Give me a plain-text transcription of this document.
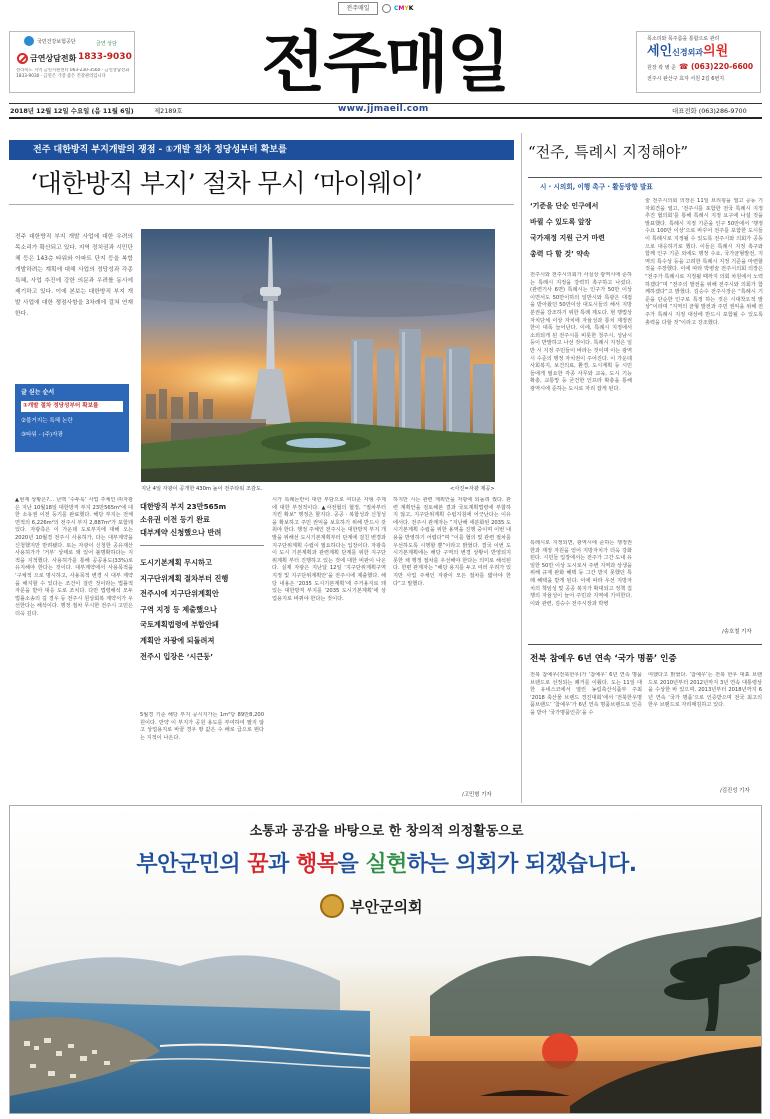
전주매일	CMYK
국민건강보험공단
금연상담전화 1833-9030
금연 상담
전라북도 지역 금연지원센터 063-230-3560 · 금연상담전화 1833-9030 · 금연은 가장 좋은 건강관리입니다	전주매일	목소리와 목주름을 통합으로 관리
세인신경외과의원
원장 곽 병 준 ☎ (063)220-6600
전주시 완산구 효자 서원 2길 6번지
2018년 12월 12일 수요일 (음 11월 6일)	제2189호	www.jjmaeil.com	대표전화 (063)286-9700
전주 대한방직 부지개발의 쟁점 - ①개발 절차 정당성부터 확보를
‘대한방직 부지’ 절차 무시 ‘마이웨이’
전주 대한방직 부지 개발 사업에 대한 우려의 목소리가 확산되고 있다. 지역 정치권과 시민단체 등은 143층 타워와 아파트 단지 등을 복합 개발하려는 계획에 대해 사업의 정당성과 각종 특혜, 사업 추진에 강한 의문과 우려를 동시에 제기하고 있다. 이에 본보는 대한방직 부지 개발 사업에 대한 쟁점사항을 3차례에 걸쳐 연재한다.
글 싣는 순서
①개발 절차 정당성부터 확보를
②불거지는 특혜 논란
③타워 - (주)자광
지난 4일 자광이 공개한 430m 높이 전주타워 조감도.	<사진=자광 제공>
▲현재 상황은?… 난맥 ‘수두룩’ 사업 주체인 ㈜자광은 지난 10월18일 대한방직 부지 23만565m²에 대한 소유권 이전 등기를 완료했다. 해당 부지는 전체 면적의 6,226m²의 전주시 부지 2,887m²가 포함돼 있다. 자광측은 이 가운데 도로부지에 대해 오는 2020년 10월경 전주시 사용허가, 다는 대부계약을 신청했지만 반려됐다. 또는 자광이 신청한 공유재산 사용허가가 ‘거부’ 상태로 돼 있어 불명확하다는 지적을 지적했다. 사용허가를 통해 공공용도(33%)로 유지해야 한다는 것이다. 대부계약에서 사용목적을 ‘구체적 으로 명시하고, 사용목적 변경 시 대부 계약을 해지할 수 있다는 조건이 걸린 것이라는 법률적 자문을 받아 대응 도로 조치다. 다만 법령해석 모두 법률소송의 길 경우 등 전주시 원상회복 계약서가 우선한다는 해석이다. 행정 절차 무시한 전주시 고민은 더욱 깊다.
대한방직 부지 23만565m
소유권 이전 등기 완료
대부계약 신청했으나 반려
도시기본계획 무시하고
지구단위계획 절차부터 진행
전주시에 지구단위계획안
구역 지정 등 제출했으나
국토계획법령에 부합안돼
계획안 자광에 되돌려져
전주시 입장은 ‘시큰둥’
5월경 기준 해당 부지 공시지가는 1m²당 89만8,200원이다. 만약 이 부지가 공원 용도를 부여하여 팔지 않고 상업용지로 바꿀 경우 땅 값은 수 배로 급으로 뛴다는 지적이 나온다.
시가 특례논란이 대한 부담으로 여다운 자형 주제에 대한 부정적이다. ▲사전협의 협정, “절차부터 지킨 확보” 행정은 할지다. 공공 · 복합성과 신청성을 확보하고 주민 권익을 보호하기 위해 반드시 갖춰야 한다. 행정 주체인 전주시는 대한방직 부지 개발을 위해선 도시기본계획부터 단계에 걸친 변경과 지구단위계획 수립이 필요하다는 입장이다. 자광측이 도시 기본계획과 관련계획 단계를 위한 지구단위계획 부터 진행하고 있는 것에 대한 비판이 나온다. 실제 자광은 지난달 12일 ‘지구단위계획구역 지정 및 지구단위계획안’을 전주시에 제출했다. 해당 내용은 ‘2035 도시기본계획’에 주거용지로 돼 있는 대한방직 부지를 ‘2035 도시기본계획’에 상업용지로 바꿔야 한다는 것이다.
하지만 시는 관련 계획안을 자광에 되돌려 줬다. 관련 계획안을 검토해본 결과 국토계획법령에 부합하지 않고, 지구단위계획 수립지침에 어긋난다는 이유에서다. 전주시 관계자는 “지난해 세분화된 2035 도시기본계획 수립을 위한 용역을 진행 중이며 이번 내용을 반영하기 어렵다”며 “이를 협의 및 관련 절차를 우선하도록 시행할 뿐”이라고 밝혔다. 결국 이번 도시기본계획에는 해당 구역의 변경 상황이 반영되지 못한 채 행정 절차를 우선해야 한다는 의미로 해석된다. 한편 관계자는 “해당 용지를 두고 여러 우려가 있지만 사업 주체인 자광이 모든 절차를 밟아야 한다”고 말했다.
/고민형 기자
“전주, 특례시 지정해야”
시 · 시의회, 이행 촉구 · 활동방향 발표
‘기준을 단순 인구에서
바뀔 수 있도록 앞장
국가재정 지원 근거 마련
총력 다 할 것’ 약속
전주시와 전주시의회가 사실상 광역시에 준하는 특례시 지정을 강력히 촉구하고 나섰다. (관련기사 6면) 특례시는 인구가 50만 이상이면서도 50만이하의 일반시와 특광은 대접을 받아왔던 50만이상 대도시들의 해서 지방분권을 강조하기 위한 특례 제도다. 현 행법상 자치단체 이상 자치에 자율성과 통치 재정권한이 대폭 늘어난다. 이에, 특례시 지정에서 소외되게 된 전주시를 비롯한 청주시, 성남시 등이 반발하고 나선 것이다. 특례시 지정은 일반 시 지정 주민들이 바라는 것이며 이는 광역시 수준의 행정 자치권이 주어진다. 이 가운데 사회복지, 보건의료, 환경, 도시계획 등 시민들에게 필요한 각종 사무와 교육, 도시 기능 확충, 교통망 등 굳건한 인프라 확충을 통해 광역시에 준하는 도시로 자리 잡게 된다.
특례시로 지정되면, 광역시에 준하는 행정권한과 재정 자원을 얻어 지방자치가 더욱 강화된다. 시민들 입장에서는 전주가 그간 도내 유일한 50만 이상 도시로서 주변 지역과 상생을 위해 규제 완화 혜택 등 그간 받지 못했던 특례 혜택을 받게 된다. 이에 따라 우선 지방자치의 책임성 및 공공 복지가 확대되고 정책 집행의 자율성이 늘어 주민과 지역에 기여한다. 이와 관련, 김승수 전주시장과 박병
술 전주시의회 의장은 11일 브리핑을 열고 공동 기자회견을 열고, ‘전주시를 포함한 전국 특례시 지정 추진 협의회’를 통해 특례시 지정 요구에 나설 것을 발표했다. 특례시 지정 기준을 인구 50만에서 ‘행정수요 100만 이상’으로 바꾸어 전주를 포함한 도시들이 특례시로 지정될 수 있도록 전주시와 의회가 공동으로 대응하기로 했다. 이들은 특례시 지정 촉구와 함께 인구 기준 외에도 행정 수요, 국가균형발전, 지역의 특수성 등을 고려한 특례시 지정 기준을 마련할 것을 주장했다. 이에 따라 박병술 전주시의회 의장은 “전주가 특례시로 지정될 때까지 의회 차원에서 노력하겠다”며 “전주의 발전을 위해 전주시와 의회가 함께하겠다”고 밝혔다. 김승수 전주시장은 “특례시 기준을 단순한 인구로 특정 하는 것은 시대착오적 발상”이라며 “지역의 균형 발전과 주민 권익을 위해 전주가 특례시 지정 대상에 반드시 포함될 수 있도록 총력을 다할 것”이라고 강조했다.
/송호철 기자
전북 참예우 6년 연속 ‘국가 명품’ 인증
전북 참예우(전북한우)가 ‘참예우’ 6년 연속 명품브랜드로 선정되는 쾌거를 이뤘다. 도는 11일 대한 유네스코에서 열린 농림축산식품부 주최 ‘2018 축산물 브랜드 경진대회’에서 ‘전북한우명품브랜드’ ‘참예우’가 6년 연속 명품브랜드로 인증을 받아 ‘국가명품인증’을 수
여했다고 밝혔다. ‘참예우’는 전북 한우 대표 브랜드로 2010년부터 2012년까지 3년 연속 대통령상을 수상한 바 있으며, 2013년부터 2018년까지 6년 연속 ‘국가 명품’으로 인증받으며 전국 최고의 한우 브랜드로 자리매김하고 있다.
/김진성 기자
소통과 공감을 바탕으로 한 창의적 의정활동으로
부안군민의 꿈과 행복을 실현하는 의회가 되겠습니다.
부안군의회
